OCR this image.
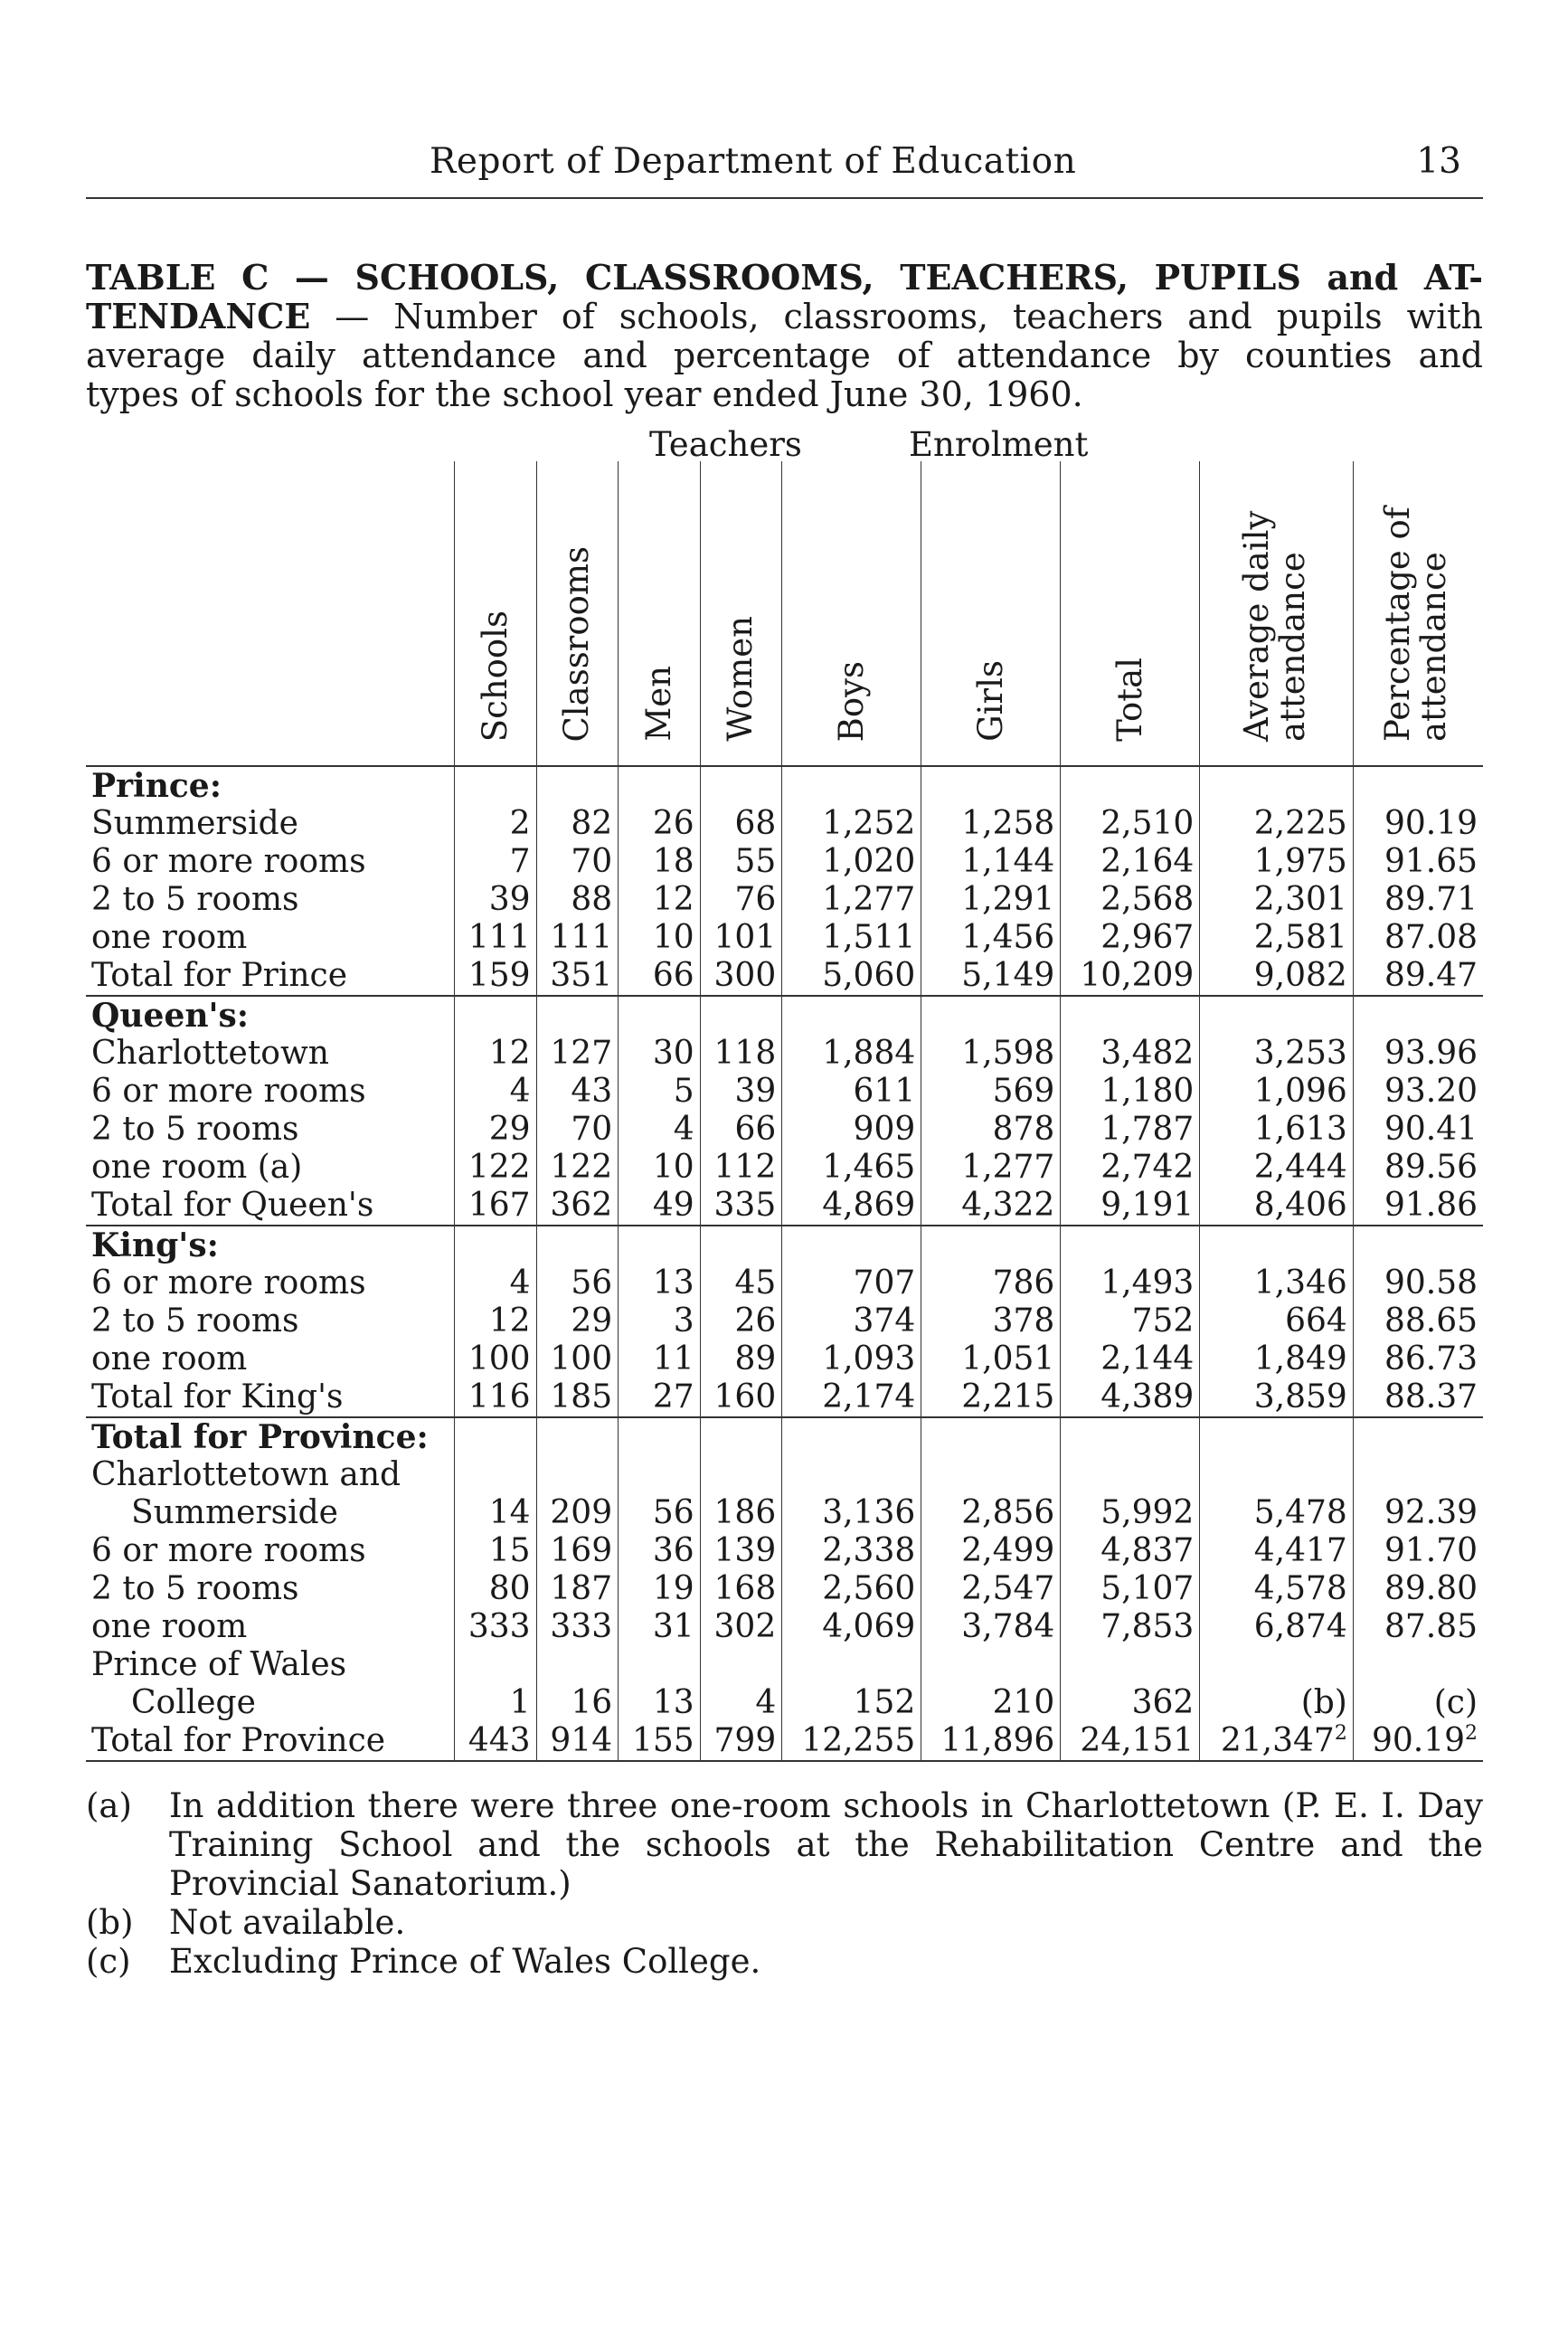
Report of Department of Education	13
TABLE C — SCHOOLS, CLASSROOMS, TEACHERS, PUPILS and AT-
TENDANCE — Number of schools, classrooms, teachers and pupils with
average daily attendance and percentage of attendance by counties and
types of schools for the school year ended June 30, 1960.
Teachers	Enrolment
	Schools	Classrooms	Men	Women	Boys	Girls	Total	Average daily attendance	Percentage of attendance
Prince:									
Summerside	2	82	26	68	1,252	1,258	2,510	2,225	90.19
6 or more rooms	7	70	18	55	1,020	1,144	2,164	1,975	91.65
2 to 5 rooms	39	88	12	76	1,277	1,291	2,568	2,301	89.71
one room	111	111	10	101	1,511	1,456	2,967	2,581	87.08
Total for Prince	159	351	66	300	5,060	5,149	10,209	9,082	89.47
Queen's:									
Charlottetown	12	127	30	118	1,884	1,598	3,482	3,253	93.96
6 or more rooms	4	43	5	39	611	569	1,180	1,096	93.20
2 to 5 rooms	29	70	4	66	909	878	1,787	1,613	90.41
one room (a)	122	122	10	112	1,465	1,277	2,742	2,444	89.56
Total for Queen's	167	362	49	335	4,869	4,322	9,191	8,406	91.86
King's:									
6 or more rooms	4	56	13	45	707	786	1,493	1,346	90.58
2 to 5 rooms	12	29	3	26	374	378	752	664	88.65
one room	100	100	11	89	1,093	1,051	2,144	1,849	86.73
Total for King's	116	185	27	160	2,174	2,215	4,389	3,859	88.37
Total for Province:									
Charlottetown and									
Summerside	14	209	56	186	3,136	2,856	5,992	5,478	92.39
6 or more rooms	15	169	36	139	2,338	2,499	4,837	4,417	91.70
2 to 5 rooms	80	187	19	168	2,560	2,547	5,107	4,578	89.80
one room	333	333	31	302	4,069	3,784	7,853	6,874	87.85
Prince of Wales									
College	1	16	13	4	152	210	362	(b)	(c)
Total for Province	443	914	155	799	12,255	11,896	24,151	21,347$^2$	90.19$^2$
(a)	In addition there were three one-room schools in Charlottetown (P. E. I. Day Training School and the schools at the Rehabilitation Centre and the Provincial Sanatorium.)
(b)	Not available.
(c)	Excluding Prince of Wales College.
